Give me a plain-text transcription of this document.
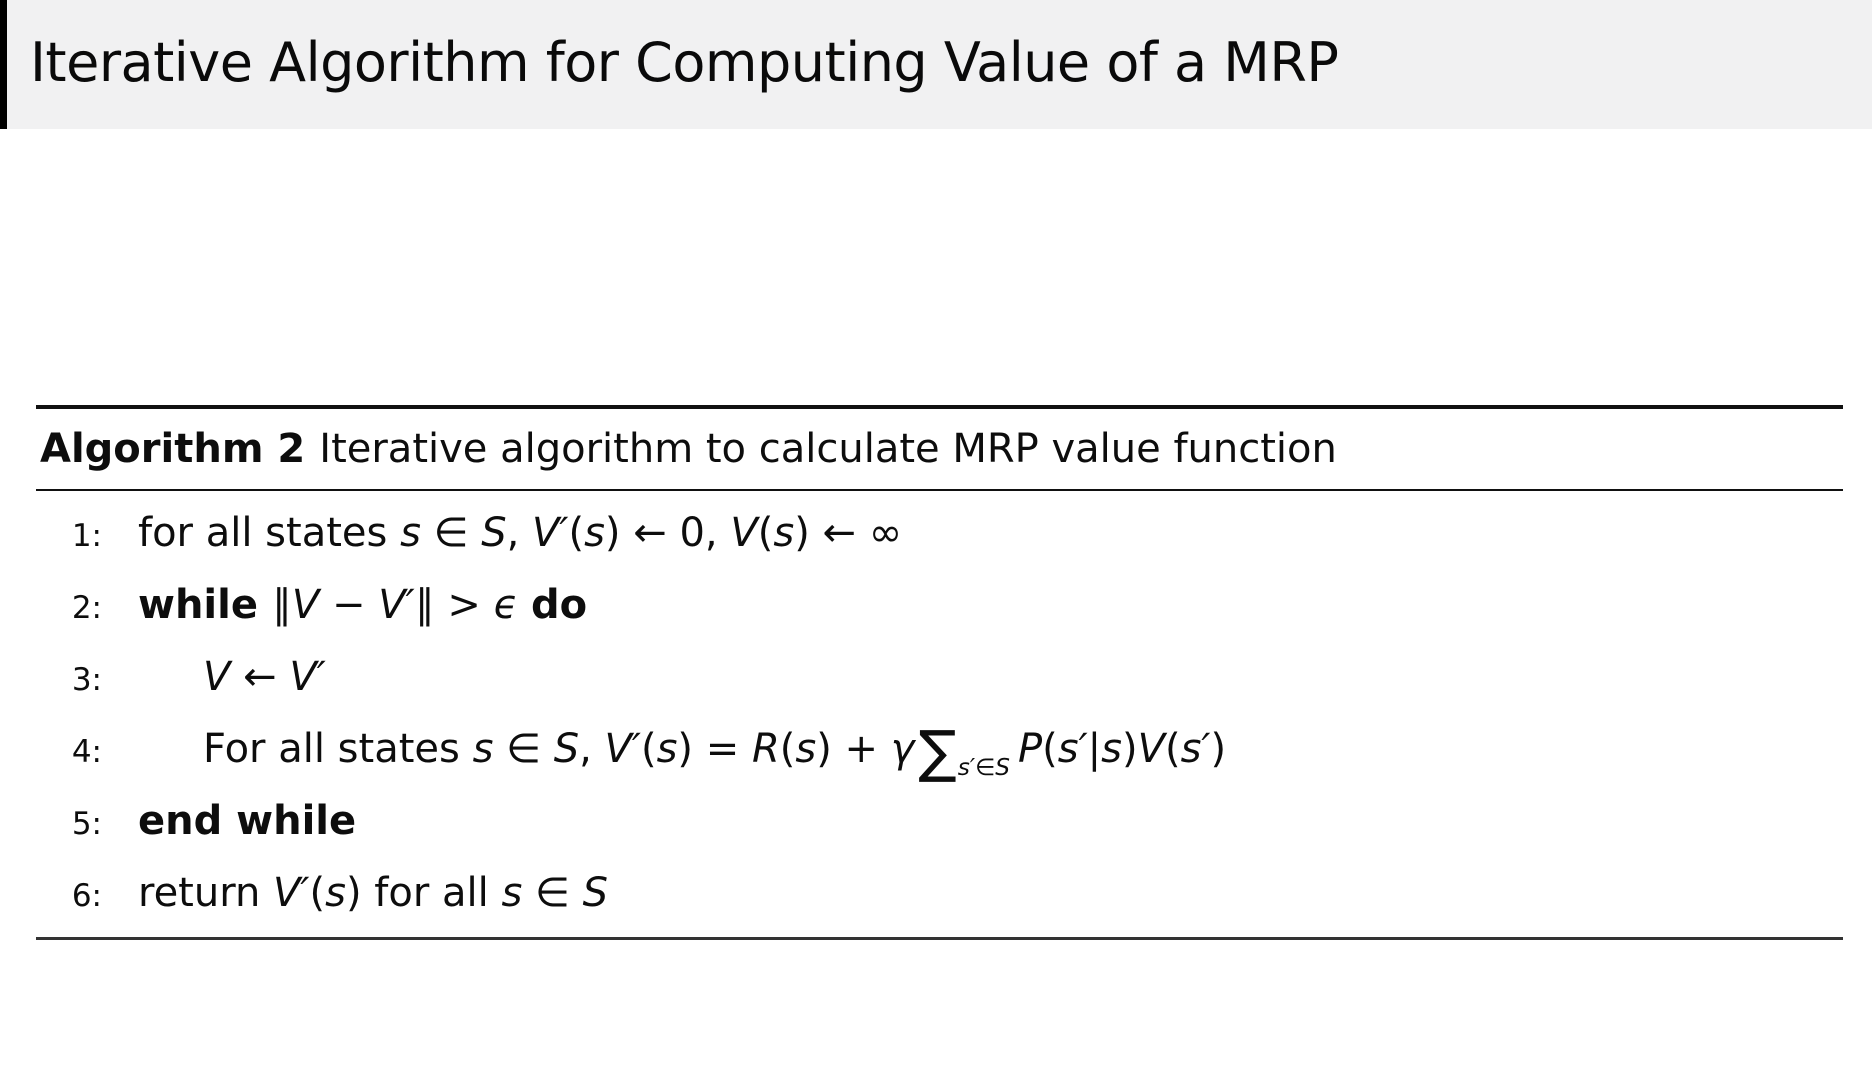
Iterative Algorithm for Computing Value of a MRP
Algorithm 2 Iterative algorithm to calculate MRP value function
1: for all states s ∈ S, V′(s) ← 0, V(s) ← ∞
2: while ∥V − V′∥ > ϵ do
3:	V ← V′
4:	For all states s ∈ S, $V'(s) = R(s) + \gamma\sum_{s'\in S}$ P(s′|s)V(s′)
5: end while
6: return V′(s) for all s ∈ S
